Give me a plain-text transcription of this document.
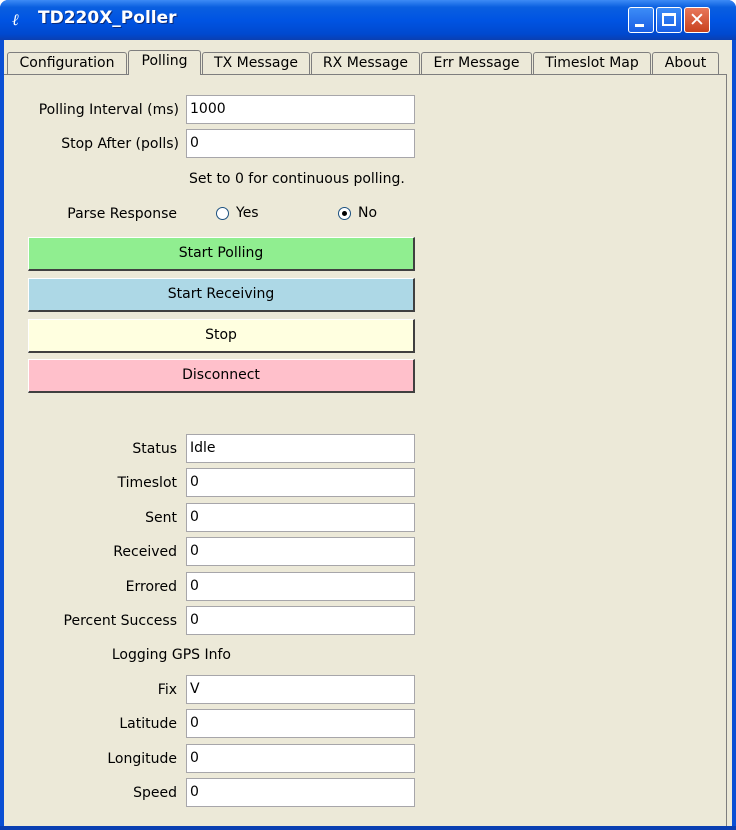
ℓ	TD220X_Poller	✕
Configuration	Polling	TX Message	RX Message	Err Message	Timeslot Map	About
Polling Interval (ms) 1000
Stop After (polls) 0
Set to 0 for continuous polling.
Parse Response	Yes	No
Start Polling
Start Receiving
Stop
Disconnect
Status Idle
Timeslot 0
Sent 0
Received 0
Errored 0
Percent Success 0
Logging GPS Info
Fix V
Latitude 0
Longitude 0
Speed 0
